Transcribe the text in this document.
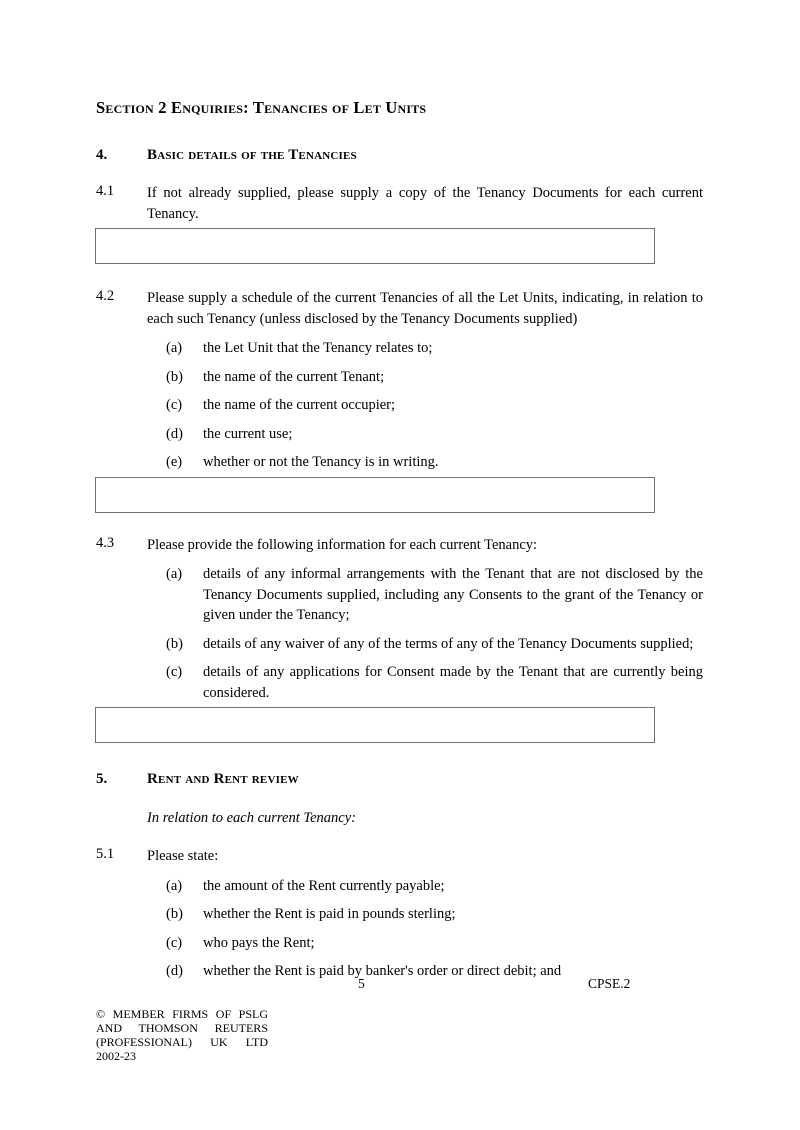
Section 2 Enquiries: Tenancies of Let Units
4.	Basic details of the Tenancies
4.1	If not already supplied, please supply a copy of the Tenancy Documents for each current Tenancy.
4.2	Please supply a schedule of the current Tenancies of all the Let Units, indicating, in relation to each such Tenancy (unless disclosed by the Tenancy Documents supplied)
(a)	the Let Unit that the Tenancy relates to;
(b)	the name of the current Tenant;
(c)	the name of the current occupier;
(d)	the current use;
(e)	whether or not the Tenancy is in writing.
4.3	Please provide the following information for each current Tenancy:
(a)	details of any informal arrangements with the Tenant that are not disclosed by the Tenancy Documents supplied, including any Consents to the grant of the Tenancy or given under the Tenancy;
(b)	details of any waiver of any of the terms of any of the Tenancy Documents supplied;
(c)	details of any applications for Consent made by the Tenant that are currently being considered.
5.	Rent and Rent review
In relation to each current Tenancy:
5.1	Please state:
(a)	the amount of the Rent currently payable;
(b)	whether the Rent is paid in pounds sterling;
(c)	who pays the Rent;
(d)	whether the Rent is paid by banker's order or direct debit; and
5	CPSE.2
© MEMBER FIRMS OF PSLG
AND THOMSON REUTERS
(PROFESSIONAL) UK LTD
2002-23
